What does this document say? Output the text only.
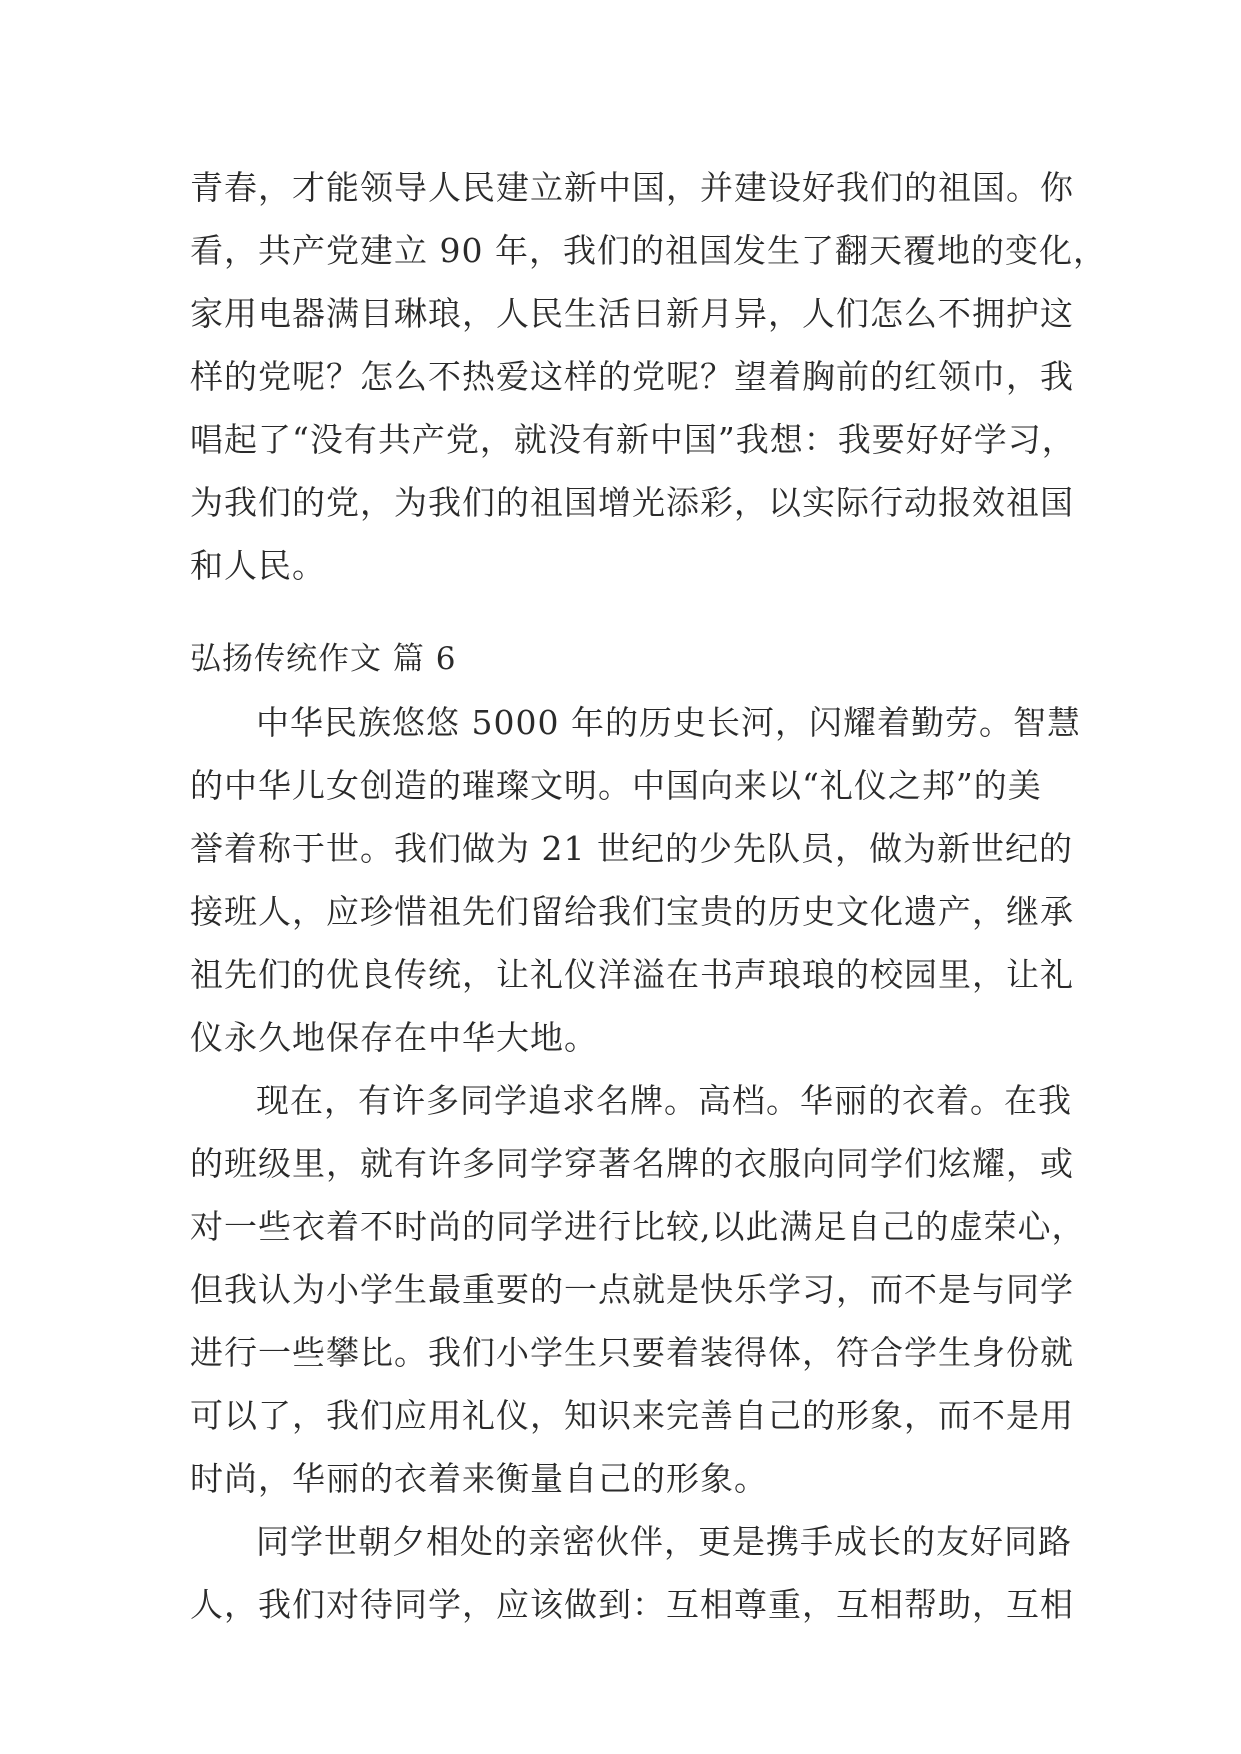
青春，才能领导人民建立新中国，并建设好我们的祖国。你
看，共产党建立 90 年，我们的祖国发生了翻天覆地的变化，
家用电器满目琳琅，人民生活日新月异，人们怎么不拥护这
样的党呢？怎么不热爱这样的党呢？望着胸前的红领巾，我
唱起了“没有共产党，就没有新中国”我想：我要好好学习，
为我们的党，为我们的祖国增光添彩，以实际行动报效祖国
和人民。

弘扬传统作文 篇 6

中华民族悠悠 5000 年的历史长河，闪耀着勤劳。智慧
的中华儿女创造的璀璨文明。中国向来以“礼仪之邦”的美
誉着称于世。我们做为 21 世纪的少先队员，做为新世纪的
接班人，应珍惜祖先们留给我们宝贵的历史文化遗产，继承
祖先们的优良传统，让礼仪洋溢在书声琅琅的校园里，让礼
仪永久地保存在中华大地。

现在，有许多同学追求名牌。高档。华丽的衣着。在我
的班级里，就有许多同学穿著名牌的衣服向同学们炫耀，或
对一些衣着不时尚的同学进行比较,以此满足自己的虚荣心，
但我认为小学生最重要的一点就是快乐学习，而不是与同学
进行一些攀比。我们小学生只要着装得体，符合学生身份就
可以了，我们应用礼仪，知识来完善自己的形象，而不是用
时尚，华丽的衣着来衡量自己的形象。

同学世朝夕相处的亲密伙伴，更是携手成长的友好同路
人，我们对待同学，应该做到：互相尊重，互相帮助，互相
